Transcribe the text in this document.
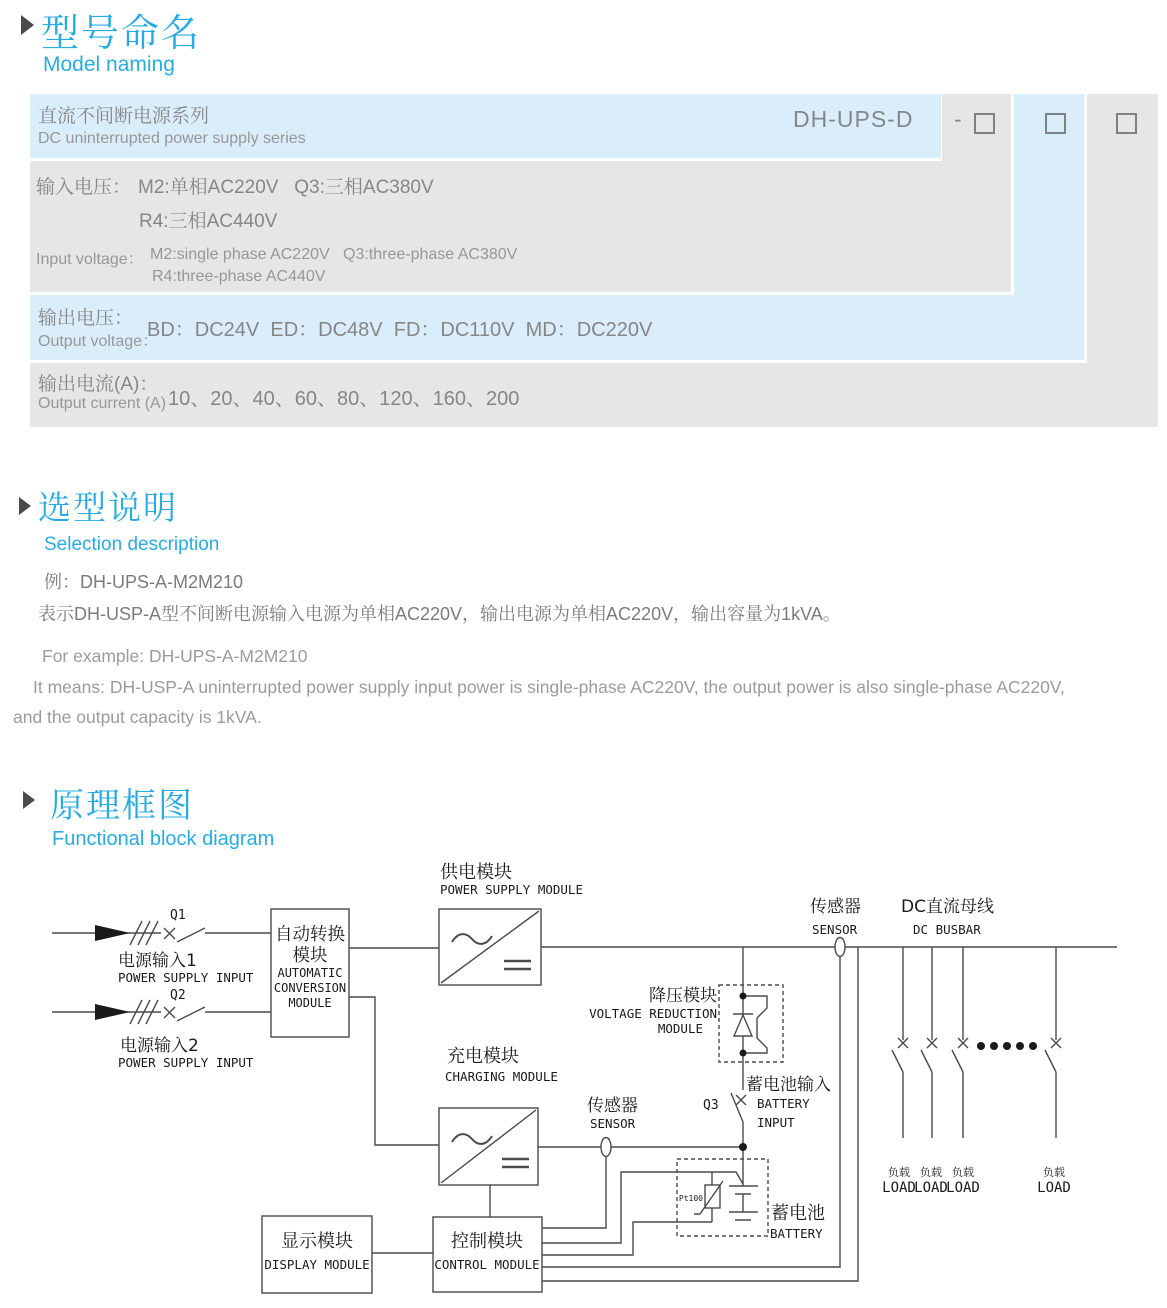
型号命名
Model naming
直流不间断电源系列
DC uninterrupted power supply series
DH-UPS-D -
输入电压： M2:单相AC220V   Q3:三相AC380V
R4:三相AC440V
Input voltage： M2:single phase AC220V   Q3:three-phase AC380V
R4:three-phase AC440V
输出电压：
Output voltage：
BD：DC24V  ED：DC48V  FD：DC110V  MD：DC220V
输出电流(A)：
Output current (A) 10、20、40、60、80、120、160、200
选型说明
Selection description
例：DH-UPS-A-M2M210
表示DH-USP-A型不间断电源输入电源为单相AC220V，输出电源为单相AC220V，输出容量为1kVA。
For example: DH-UPS-A-M2M210
It means: DH-USP-A uninterrupted power supply input power is single-phase AC220V, the output power is also single-phase AC220V,
and the output capacity is 1kVA.
原理框图
Functional block diagram
供电模块
POWER SUPPLY MODULE
Q1
电源输入1
POWER SUPPLY INPUT
Q2
电源输入2
POWER SUPPLY INPUT
自动转换
模块
AUTOMATIC
CONVERSION
MODULE
充电模块
CHARGING MODULE
传感器
SENSOR
DC直流母线
DC BUSBAR
降压模块
VOLTAGE REDUCTION
MODULE
传感器
SENSOR
Q3
蓄电池输入
BATTERY
INPUT
Pt100
蓄电池
BATTERY
显示模块
DISPLAY MODULE
控制模块
CONTROL MODULE
负载
LOAD
负载
LOAD
负载
LOAD
负载
LOAD
